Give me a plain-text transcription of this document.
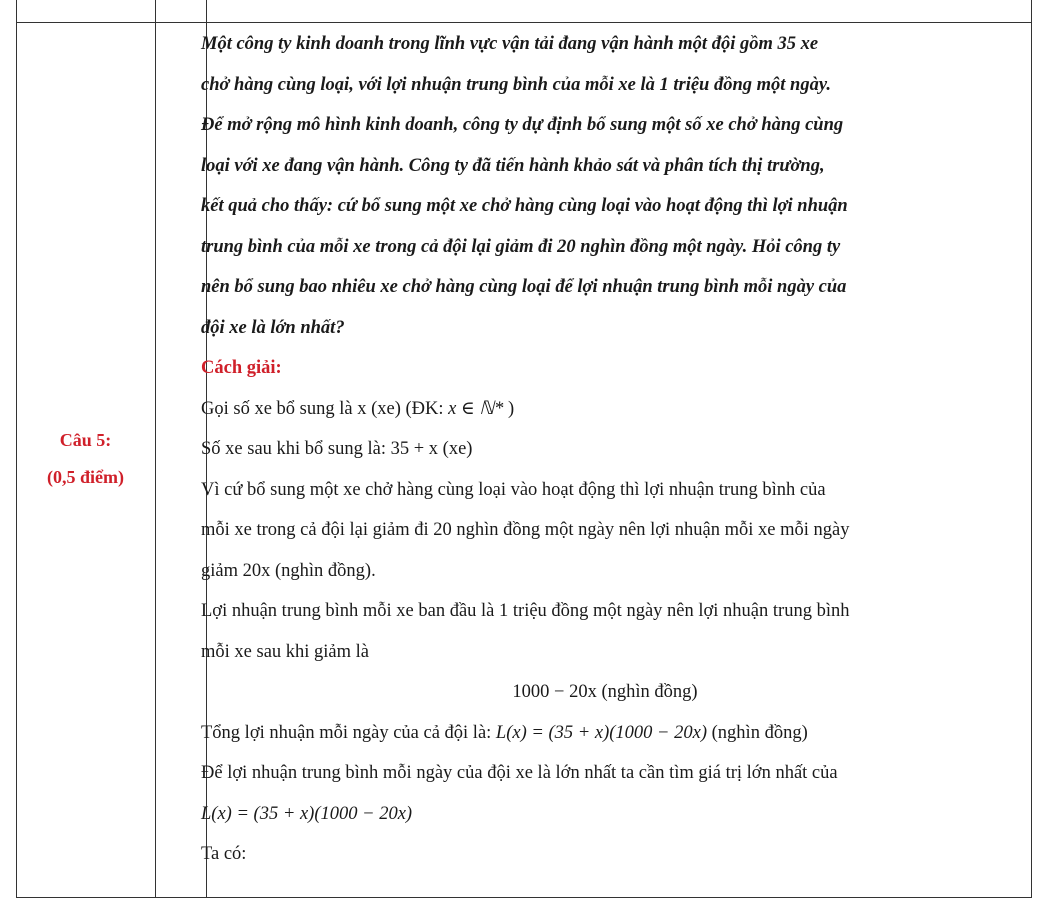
Câu 5:
(0,5 điểm)

Một công ty kinh doanh trong lĩnh vực vận tải đang vận hành một đội gồm 35 xe

chở hàng cùng loại, với lợi nhuận trung bình của mỗi xe là 1 triệu đồng một ngày.

Để mở rộng mô hình kinh doanh, công ty dự định bổ sung một số xe chở hàng cùng

loại với xe đang vận hành. Công ty đã tiến hành khảo sát và phân tích thị trường,

kết quả cho thấy: cứ bổ sung một xe chở hàng cùng loại vào hoạt động thì lợi nhuận

trung bình của mỗi xe trong cả đội lại giảm đi 20 nghìn đồng một ngày. Hỏi công ty

nên bổ sung bao nhiêu xe chở hàng cùng loại để lợi nhuận trung bình mỗi ngày của

đội xe là lớn nhất?

Cách giải:

Gọi số xe bổ sung là x (xe) (ĐK: x ∈ ℕ* )

Số xe sau khi bổ sung là: 35 + x (xe)

Vì cứ bổ sung một xe chở hàng cùng loại vào hoạt động thì lợi nhuận trung bình của

mỗi xe trong cả đội lại giảm đi 20 nghìn đồng một ngày nên lợi nhuận mỗi xe mỗi ngày

giảm 20x (nghìn đồng).

Lợi nhuận trung bình mỗi xe ban đầu là 1 triệu đồng một ngày nên lợi nhuận trung bình

mỗi xe sau khi giảm là

1000 − 20x (nghìn đồng)

Tổng lợi nhuận mỗi ngày của cả đội là: L(x) = (35 + x)(1000 − 20x) (nghìn đồng)

Để lợi nhuận trung bình mỗi ngày của đội xe là lớn nhất ta cần tìm giá trị lớn nhất của

L(x) = (35 + x)(1000 − 20x)

Ta có:
